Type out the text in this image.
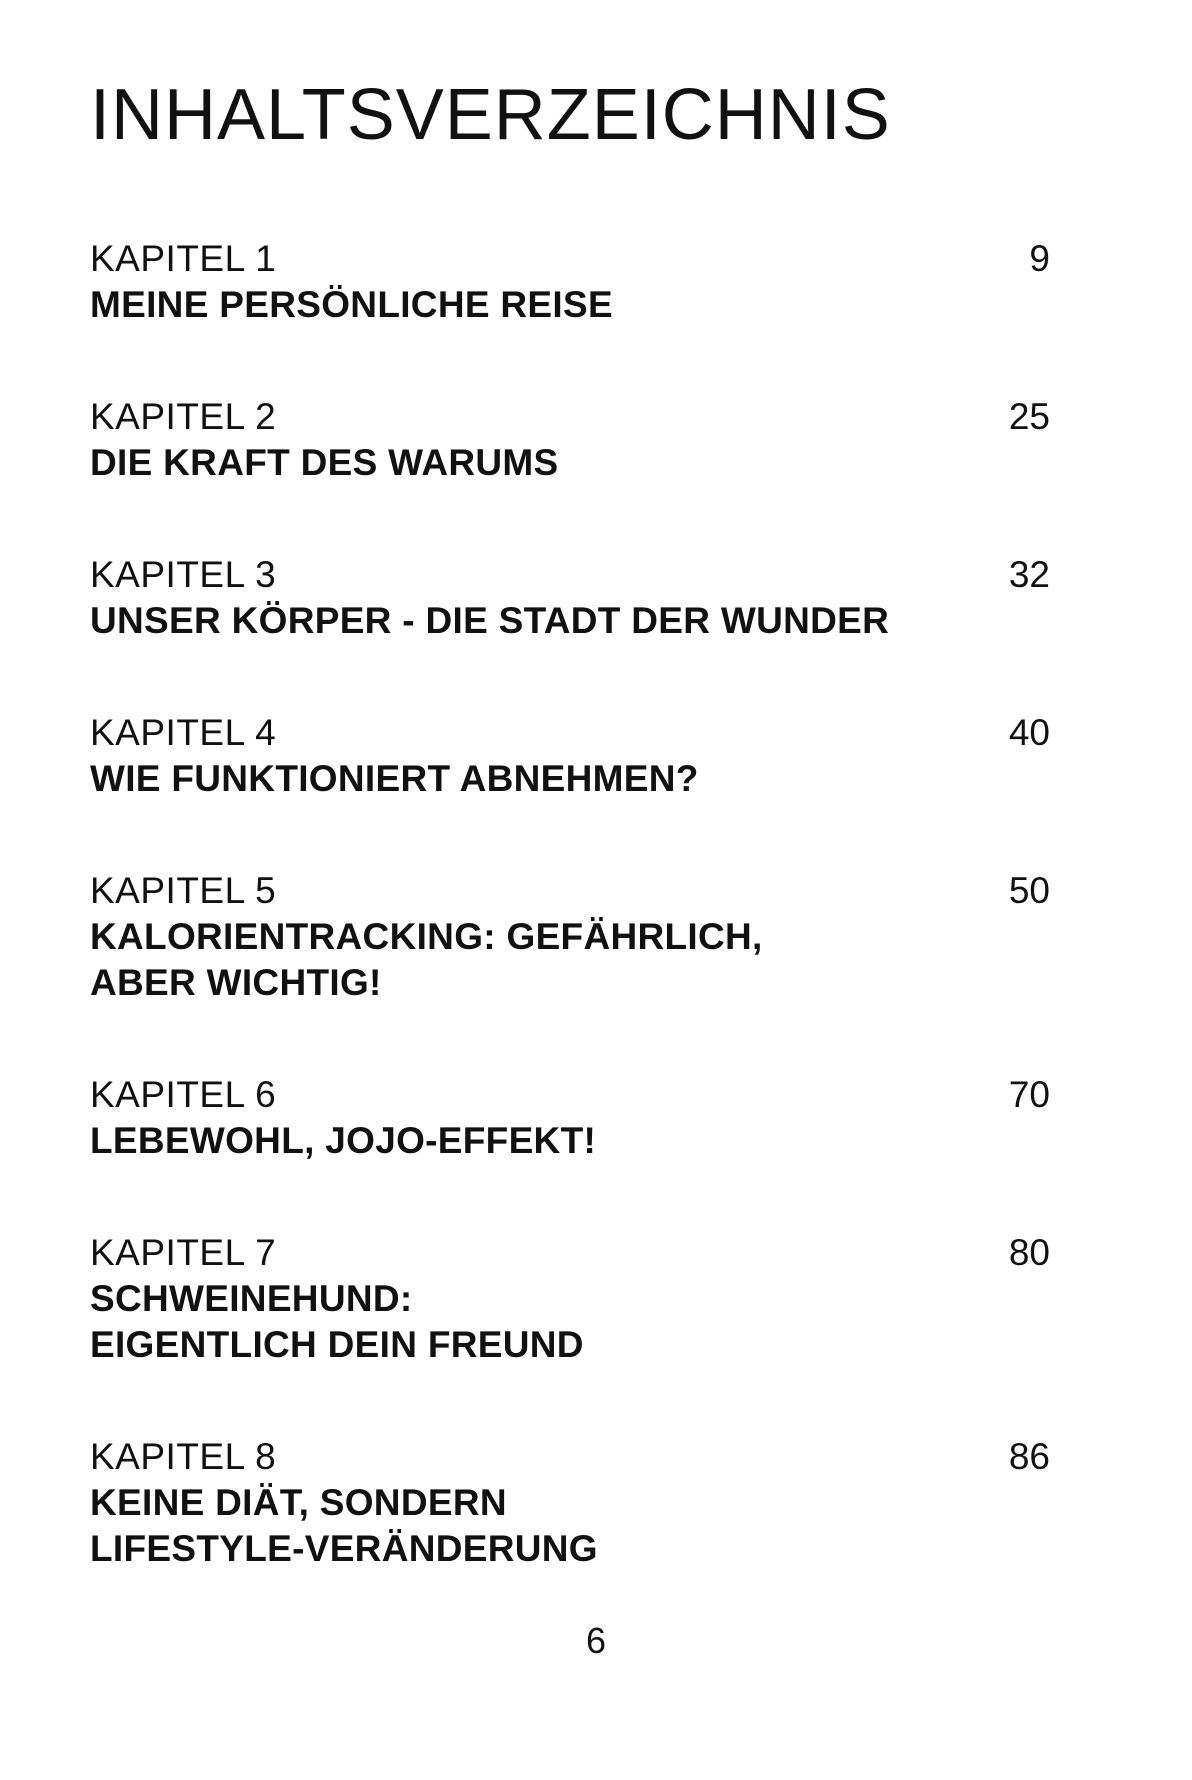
INHALTSVERZEICHNIS
KAPITEL 1	9
MEINE PERSÖNLICHE REISE
KAPITEL 2	25
DIE KRAFT DES WARUMS
KAPITEL 3	32
UNSER KÖRPER - DIE STADT DER WUNDER
KAPITEL 4	40
WIE FUNKTIONIERT ABNEHMEN?
KAPITEL 5	50
KALORIENTRACKING: GEFÄHRLICH,
ABER WICHTIG!
KAPITEL 6	70
LEBEWOHL, JOJO-EFFEKT!
KAPITEL 7	80
SCHWEINEHUND:
EIGENTLICH DEIN FREUND
KAPITEL 8	86
KEINE DIÄT, SONDERN
LIFESTYLE-VERÄNDERUNG
6
